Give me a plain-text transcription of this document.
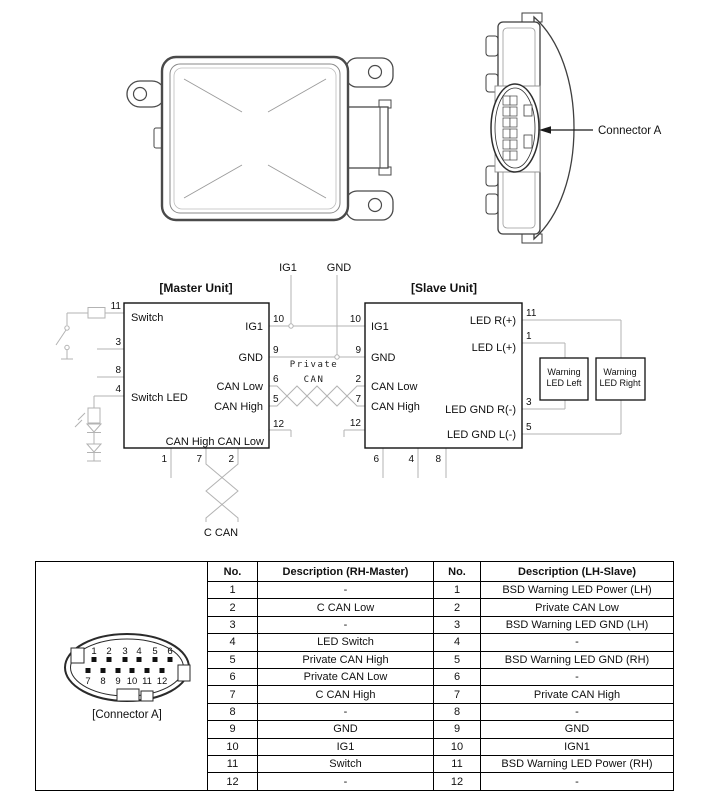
Connector A
IG1	GND
[Master Unit]	[Slave Unit]
Switch
Switch LED
IG1
GND
CAN Low
CAN High
CAN High CAN Low
11
3
8
4
10
9
6
5
12
1	7	2
IG1
GND
CAN Low
CAN High
LED R(+)
LED L(+)
LED GND R(-)
LED GND L(-)
10
9
2
7
12
11
1
3
5
6	4 8
Private
CAN
C CAN
Warning
LED Left
Warning
LED Right
1 2 3 4 5 6
7 8 9 10 11 12
[Connector A]
	No.	Description (RH-Master)	No.	Description (LH-Slave)
	1	-	1	BSD Warning LED Power (LH)
	2	C CAN Low	2	Private CAN Low
	3	-	3	BSD Warning LED GND (LH)
	4	LED Switch	4	-
	5	Private CAN High	5	BSD Warning LED GND (RH)
	6	Private CAN Low	6	-
	7	C CAN High	7	Private CAN High
	8	-	8	-
	9	GND	9	GND
	10	IG1	10	IGN1
	11	Switch	11	BSD Warning LED Power (RH)
	12	-	12	-
